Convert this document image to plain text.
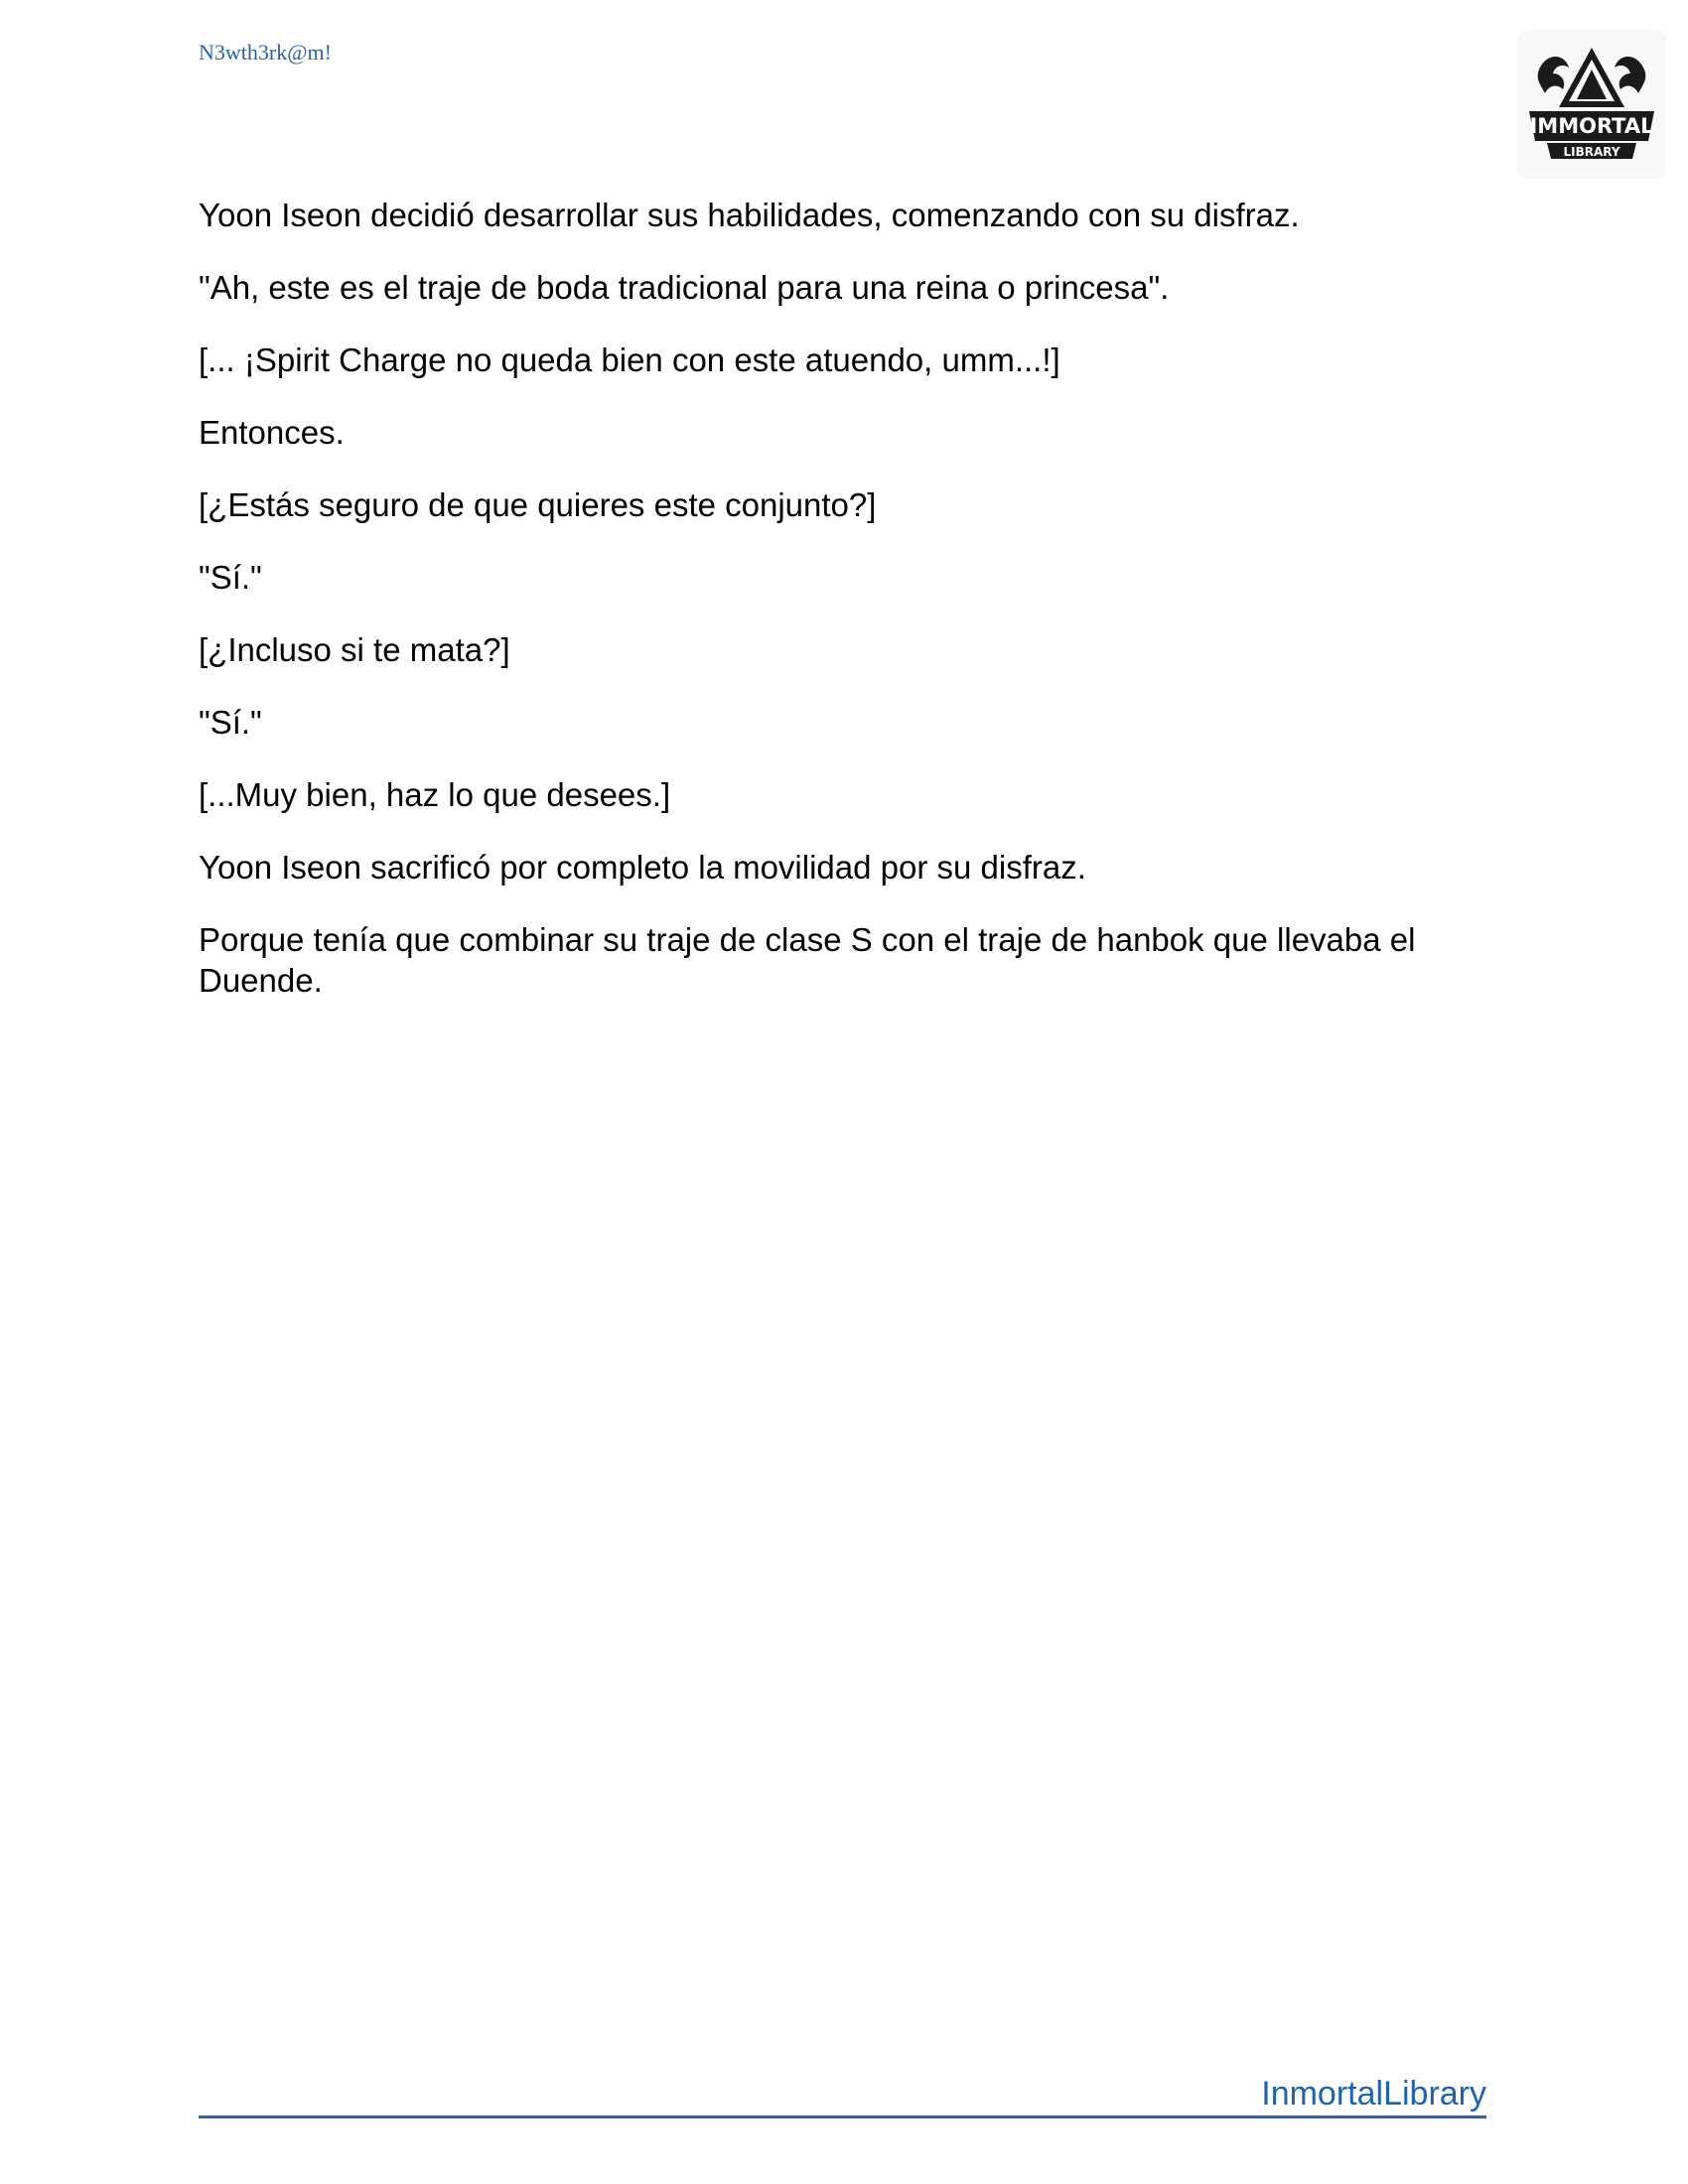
N3wth3rk@m!
IMMORTAL
LIBRARY

Yoon Iseon decidió desarrollar sus habilidades, comenzando con su disfraz.

"Ah, este es el traje de boda tradicional para una reina o princesa".

[... ¡Spirit Charge no queda bien con este atuendo, umm...!]

Entonces.

[¿Estás seguro de que quieres este conjunto?]

"Sí."

[¿Incluso si te mata?]

"Sí."

[...Muy bien, haz lo que desees.]

Yoon Iseon sacrificó por completo la movilidad por su disfraz.

Porque tenía que combinar su traje de clase S con el traje de hanbok que llevaba el Duende.

InmortalLibrary
